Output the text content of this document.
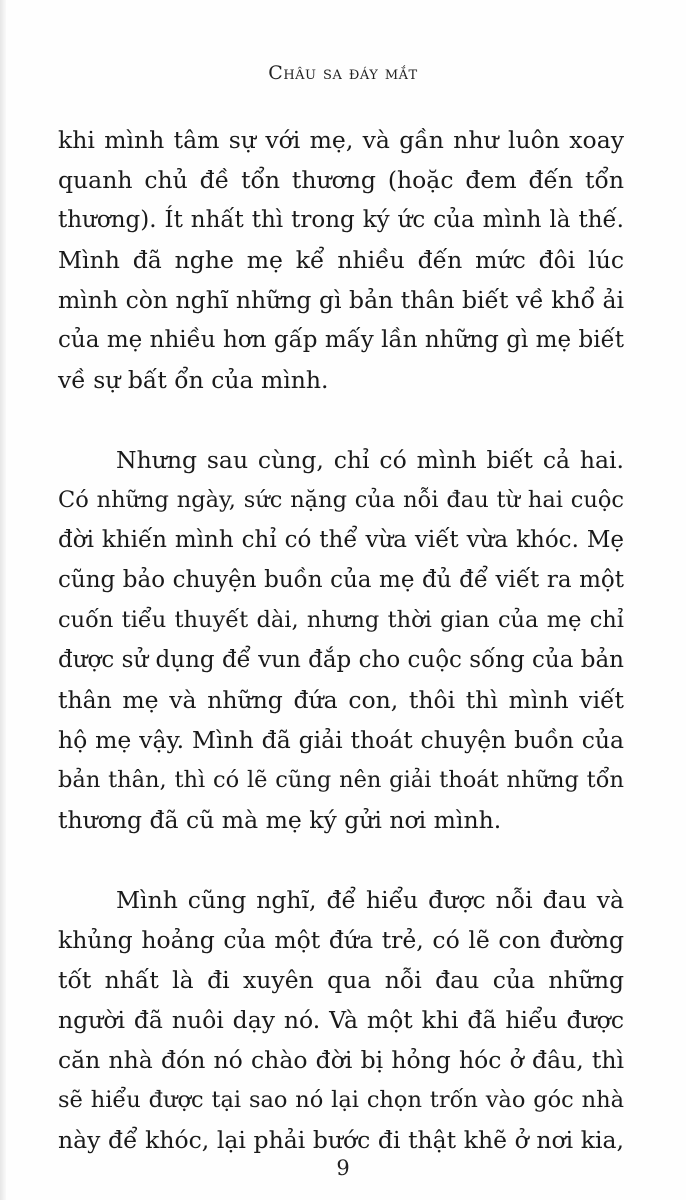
Châu sa đáy mắt
khi mình tâm sự với mẹ, và gần như luôn xoay
quanh chủ đề tổn thương (hoặc đem đến tổn
thương). Ít nhất thì trong ký ức của mình là thế.
Mình đã nghe mẹ kể nhiều đến mức đôi lúc
mình còn nghĩ những gì bản thân biết về khổ ải
của mẹ nhiều hơn gấp mấy lần những gì mẹ biết
về sự bất ổn của mình.
Nhưng sau cùng, chỉ có mình biết cả hai.
Có những ngày, sức nặng của nỗi đau từ hai cuộc
đời khiến mình chỉ có thể vừa viết vừa khóc. Mẹ
cũng bảo chuyện buồn của mẹ đủ để viết ra một
cuốn tiểu thuyết dài, nhưng thời gian của mẹ chỉ
được sử dụng để vun đắp cho cuộc sống của bản
thân mẹ và những đứa con, thôi thì mình viết
hộ mẹ vậy. Mình đã giải thoát chuyện buồn của
bản thân, thì có lẽ cũng nên giải thoát những tổn
thương đã cũ mà mẹ ký gửi nơi mình.
Mình cũng nghĩ, để hiểu được nỗi đau và
khủng hoảng của một đứa trẻ, có lẽ con đường
tốt nhất là đi xuyên qua nỗi đau của những
người đã nuôi dạy nó. Và một khi đã hiểu được
căn nhà đón nó chào đời bị hỏng hóc ở đâu, thì
sẽ hiểu được tại sao nó lại chọn trốn vào góc nhà
này để khóc, lại phải bước đi thật khẽ ở nơi kia,
9
